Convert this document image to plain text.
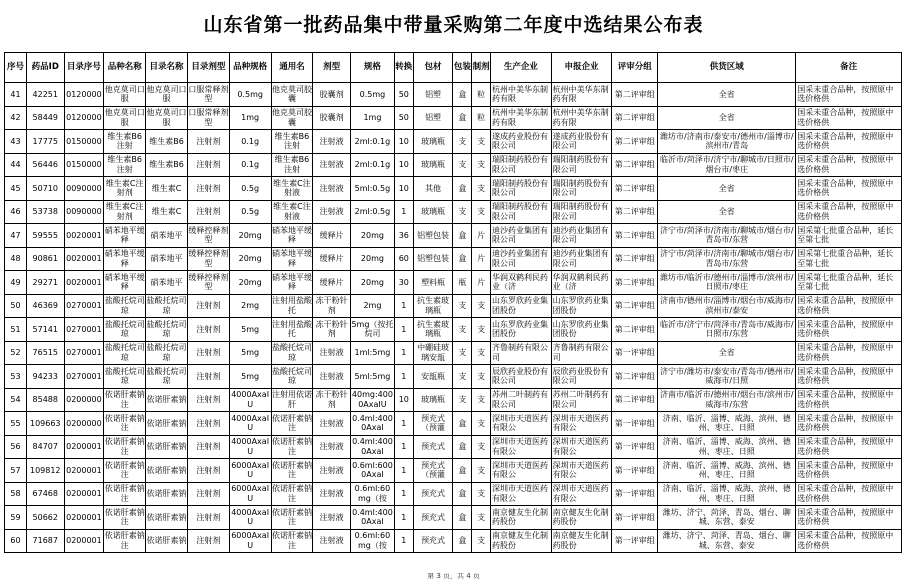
山东省第一批药品集中带量采购第二年度中选结果公布表
序号	药品ID	目录序号	品种名称	目录名称	目录剂型	品种规格	通用名	剂型	规格	转换	包材	包装	制剂	生产企业	申报企业	评审分组	供货区域	备注

41	42251	0120000	他克莫司口服	他克莫司口服	口服常释剂型	0.5mg	他克莫司胶囊	胶囊剂	0.5mg	50	铝塑	盒	粒	杭州中美华东制药有限	杭州中美华东制药有限	第二评审组	全省	国采未重合品种，按照原中选价格供

42	58449	0120000	他克莫司口服	他克莫司口服	口服常释剂型	1mg	他克莫司胶囊	胶囊剂	1mg	50	铝塑	盒	粒	杭州中美华东制药有限	杭州中美华东制药有限	第二评审组	全省	国采未重合品种，按照原中选价格供

43	17775	0150000	维生素B6注射	维生素B6	注射剂	0.1g	维生素B6注射	注射液	2ml:0.1g	10	玻璃瓶	支	支	遂成药业股份有限公司	遂成药业股份有限公司	第二评审组	潍坊市/济南市/泰安市/德州市/淄博市/滨州市/青岛	国采未重合品种，按照原中选价格供

44	56446	0150000	维生素B6注射	维生素B6	注射剂	0.1g	维生素B6注射	注射液	2ml:0.1g	10	玻璃瓶	支	支	瑞阳制药股份有限公司	瑞阳制药股份有限公司	第二评审组	临沂市/菏泽市/济宁市/聊城市/日照市/烟台市/枣庄	国采未重合品种，按照原中选价格供

45	50710	0090000	维生素C注射剂	维生素C	注射剂	0.5g	维生素C注射液	注射液	5ml:0.5g	10	其他	盒	支	瑞阳制药股份有限公司	瑞阳制药股份有限公司	第二评审组	全省	国采未重合品种，按照原中选价格供

46	53738	0090000	维生素C注射剂	维生素C	注射剂	0.5g	维生素C注射液	注射液	2ml:0.5g	1	玻璃瓶	支	支	瑞阳制药股份有限公司	瑞阳制药股份有限公司	第二评审组	全省	国采未重合品种，按照原中选价格供

47	59555	0020001	硝苯地平缓释	硝苯地平	缓释控释剂型	20mg	硝苯地平缓释	缓释片	20mg	36	铝塑包装	盒	片	迪沙药业集团有限公司	迪沙药业集团有限公司	第二评审组	济宁市/菏泽市/济南市/聊城市/烟台市/青岛市/东营	国采第七批重合品种，延长至第七批

48	90861	0020001	硝苯地平缓释	硝苯地平	缓释控释剂型	20mg	硝苯地平缓释	缓释片	20mg	60	铝塑包装	盒	片	迪沙药业集团有限公司	迪沙药业集团有限公司	第二评审组	济宁市/菏泽市/济南市/聊城市/烟台市/青岛市/东营	国采第七批重合品种，延长至第七批

49	29271	0020001	硝苯地平缓释	硝苯地平	缓释控释剂型	20mg	硝苯地平缓释	缓释片	20mg	30	塑料瓶	瓶	片	华润双鹤利民药业（济	华润双鹤利民药业（济	第二评审组	潍坊市/临沂市/德州市/淄博市/滨州市/日照市/枣庄	国采第七批重合品种，延长至第七批

50	46369	0270001	盐酸托烷司琼	盐酸托烷司琼	注射剂	2mg	注射用盐酸托	冻干粉针剂	2mg	1	抗生素玻璃瓶	支	支	山东罗欣药业集团股份	山东罗欣药业集团股份	第二评审组	济南市/德州市/淄博市/烟台市/威海市/滨州市/泰安	国采未重合品种，按照原中选价格供

51	57141	0270001	盐酸托烷司琼	盐酸托烷司琼	注射剂	5mg	注射用盐酸托	冻干粉针剂	5mg（按托烷司	1	抗生素玻璃瓶	支	支	山东罗欣药业集团股份	山东罗欣药业集团股份	第二评审组	临沂市/济宁市/菏泽市/青岛市/威海市/日照市/东营	国采未重合品种，按照原中选价格供

52	76515	0270001	盐酸托烷司琼	盐酸托烷司琼	注射剂	5mg	盐酸托烷司琼	注射液	1ml:5mg	1	中硼硅玻璃安瓿	支	支	齐鲁制药有限公司	齐鲁制药有限公司	第一评审组	全省	国采未重合品种，按照原中选价格供

53	94233	0270001	盐酸托烷司琼	盐酸托烷司琼	注射剂	5mg	盐酸托烷司琼	注射液	5ml:5mg	1	安瓿瓶	支	支	辰欣药业股份有限公司	辰欣药业股份有限公司	第二评审组	济宁市/潍坊市/泰安市/青岛市/德州市/威海市/日照	国采未重合品种，按照原中选价格供

54	85488	0200000	依诺肝素钠注	依诺肝素钠	注射剂	4000AxaIU	注射用依诺肝	冻干粉针剂	40mg:4000AxaIU	10	玻璃瓶	支	支	苏州二叶制药有限公司	苏州二叶制药有限公司	第二评审组	济南市/临沂市/德州市/烟台市/滨州市/威海市/东营	国采未重合品种，按照原中选价格供

55	109663	0200000	依诺肝素钠注	依诺肝素钠	注射剂	4000AxaIU	依诺肝素钠注	注射液	0.4ml:4000AxaI	1	预充式（预灌	盒	支	深圳市天道医药有限公	深圳市天道医药有限公	第一评审组	济南、临沂、淄博、威海、滨州、德州、枣庄、日照	国采未重合品种，按照原中选价格供

56	84707	0200001	依诺肝素钠注	依诺肝素钠	注射剂	4000AxaIU	依诺肝素钠注	注射液	0.4ml:4000AxaI	1	预充式	盒	支	深圳市天道医药有限公	深圳市天道医药有限公	第一评审组	济南、临沂、淄博、威海、滨州、德州、枣庄、日照	国采未重合品种，按照原中选价格供

57	109812	0200001	依诺肝素钠注	依诺肝素钠	注射剂	6000AxaIU	依诺肝素钠注	注射液	0.6ml:6000AxaI	1	预充式（预灌	盒	支	深圳市天道医药有限公	深圳市天道医药有限公	第一评审组	济南、临沂、淄博、威海、滨州、德州、枣庄、日照	国采未重合品种，按照原中选价格供

58	67468	0200001	依诺肝素钠注	依诺肝素钠	注射剂	6000AxaIU	依诺肝素钠注	注射液	0.6ml:60mg（按	1	预充式	盒	支	深圳市天道医药有限公	深圳市天道医药有限公	第一评审组	济南、临沂、淄博、威海、滨州、德州、枣庄、日照	国采未重合品种，按照原中选价格供

59	50662	0200001	依诺肝素钠注	依诺肝素钠	注射剂	4000AxaIU	依诺肝素钠注	注射液	0.4ml:4000AxaI	1	预充式	盒	支	南京健友生化制药股份	南京健友生化制药股份	第一评审组	潍坊、济宁、菏泽、青岛、烟台、聊城、东营、泰安	国采未重合品种，按照原中选价格供

60	71687	0200001	依诺肝素钠注	依诺肝素钠	注射剂	6000AxaIU	依诺肝素钠注	注射液	0.6ml:60mg（按	1	预充式	盒	支	南京健友生化制药股份	南京健友生化制药股份	第一评审组	潍坊、济宁、菏泽、青岛、烟台、聊城、东营、泰安	国采未重合品种，按照原中选价格供
第 3 页，共 4 页
